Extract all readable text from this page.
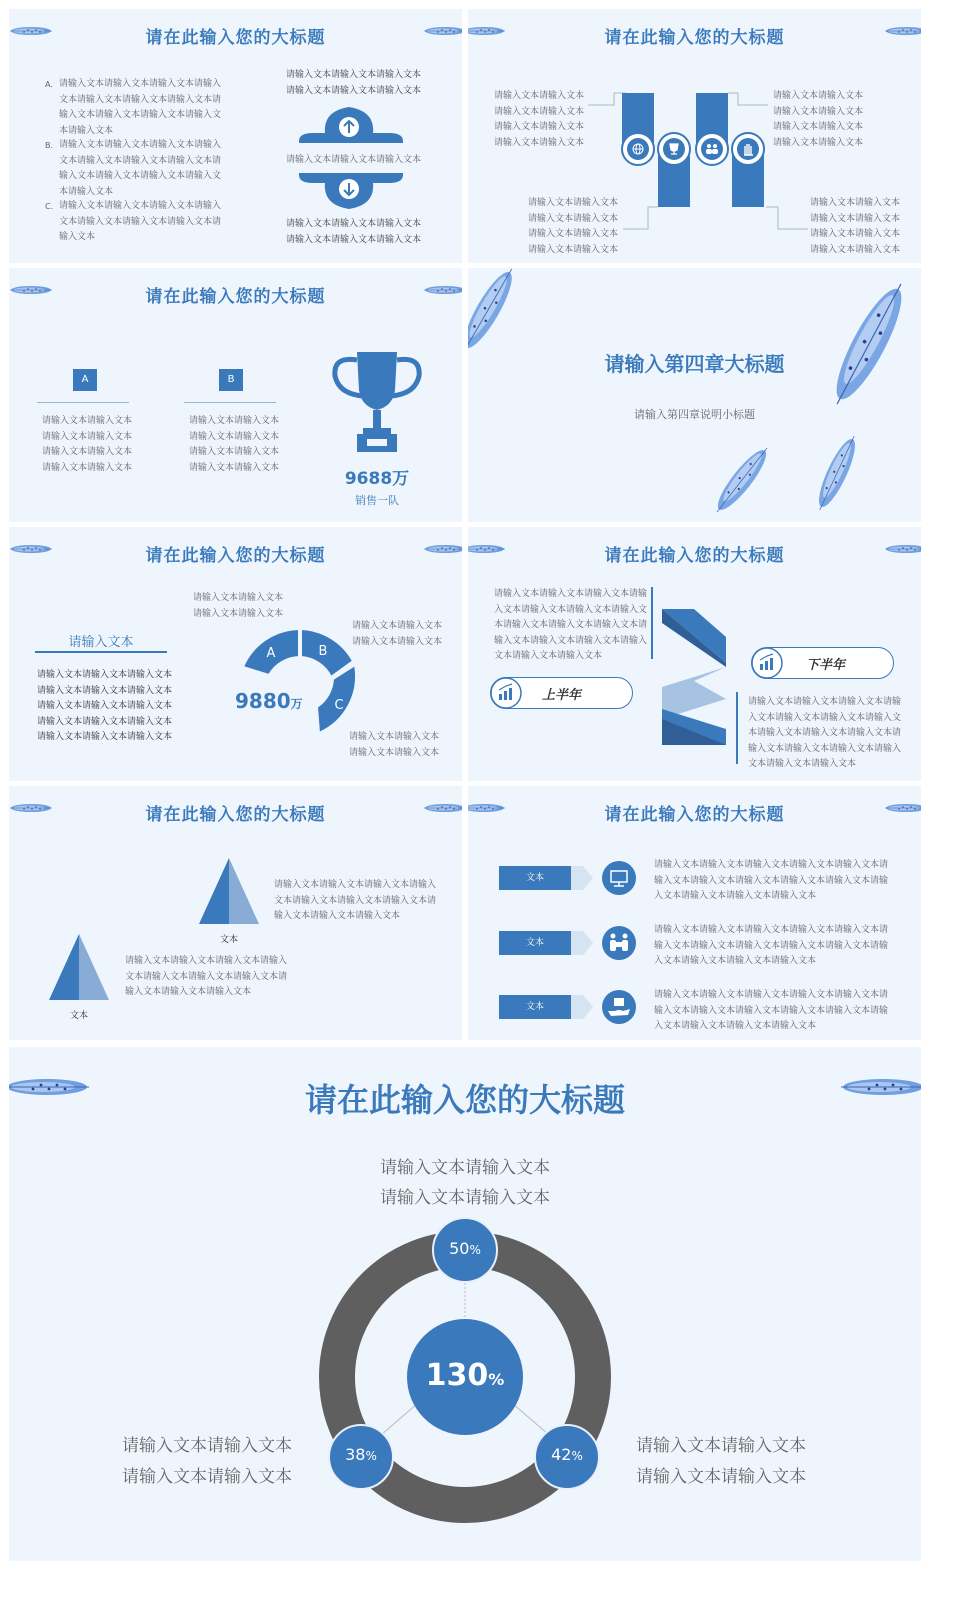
请在此输入您的大标题
A. 请输入文本请输入文本请输入文本请输入
文本请输入文本请输入文本请输入文本请
输入文本请输入文本请输入文本请输入文
本请输入文本
B. 请输入文本请输入文本请输入文本请输入
文本请输入文本请输入文本请输入文本请
输入文本请输入文本请输入文本请输入文
本请输入文本
C. 请输入文本请输入文本请输入文本请输入
文本请输入文本请输入文本请输入文本请
输入文本
请输入文本请输入文本请输入文本
请输入文本请输入文本请输入文本
请输入文本请输入文本请输入文本
请输入文本请输入文本请输入文本
请输入文本请输入文本请输入文本
请在此输入您的大标题
请输入文本请输入文本
请输入文本请输入文本
请输入文本请输入文本
请输入文本请输入文本
请输入文本请输入文本
请输入文本请输入文本
请输入文本请输入文本
请输入文本请输入文本
请输入文本请输入文本
请输入文本请输入文本
请输入文本请输入文本
请输入文本请输入文本
请输入文本请输入文本
请输入文本请输入文本
请输入文本请输入文本
请输入文本请输入文本
请在此输入您的大标题
A
请输入文本请输入文本
请输入文本请输入文本
请输入文本请输入文本
请输入文本请输入文本
B
请输入文本请输入文本
请输入文本请输入文本
请输入文本请输入文本
请输入文本请输入文本
9688万
销售一队
请输入第四章大标题
请输入第四章说明小标题
请在此输入您的大标题
请输入文本
请输入文本请输入文本请输入文本
请输入文本请输入文本请输入文本
请输入文本请输入文本请输入文本
请输入文本请输入文本请输入文本
请输入文本请输入文本请输入文本
请输入文本请输入文本
请输入文本请输入文本
请输入文本请输入文本
请输入文本请输入文本
请输入文本请输入文本
请输入文本请输入文本
A	B
C
9880万
请在此输入您的大标题
请输入文本请输入文本请输入文本请输
入文本请输入文本请输入文本请输入文
本请输入文本请输入文本请输入文本请
输入文本请输入文本请输入文本请输入
文本请输入文本请输入文本
上半年
下半年
请输入文本请输入文本请输入文本请输
入文本请输入文本请输入文本请输入文
本请输入文本请输入文本请输入文本请
输入文本请输入文本请输入文本请输入
文本请输入文本请输入文本
请在此输入您的大标题
文本
请输入文本请输入文本请输入文本请输入
文本请输入文本请输入文本请输入文本请
输入文本请输入文本请输入文本
文本
请输入文本请输入文本请输入文本请输入
文本请输入文本请输入文本请输入文本请
输入文本请输入文本请输入文本
请在此输入您的大标题
文本
请输入文本请输入文本请输入文本请输入文本请输入文本请
输入文本请输入文本请输入文本请输入文本请输入文本请输
入文本请输入文本请输入文本请输入文本
文本
请输入文本请输入文本请输入文本请输入文本请输入文本请
输入文本请输入文本请输入文本请输入文本请输入文本请输
入文本请输入文本请输入文本请输入文本
文本
请输入文本请输入文本请输入文本请输入文本请输入文本请
输入文本请输入文本请输入文本请输入文本请输入文本请输
入文本请输入文本请输入文本请输入文本
请在此输入您的大标题
请输入文本请输入文本
请输入文本请输入文本
请输入文本请输入文本
请输入文本请输入文本
请输入文本请输入文本
请输入文本请输入文本
130%
50%
38%	42%
